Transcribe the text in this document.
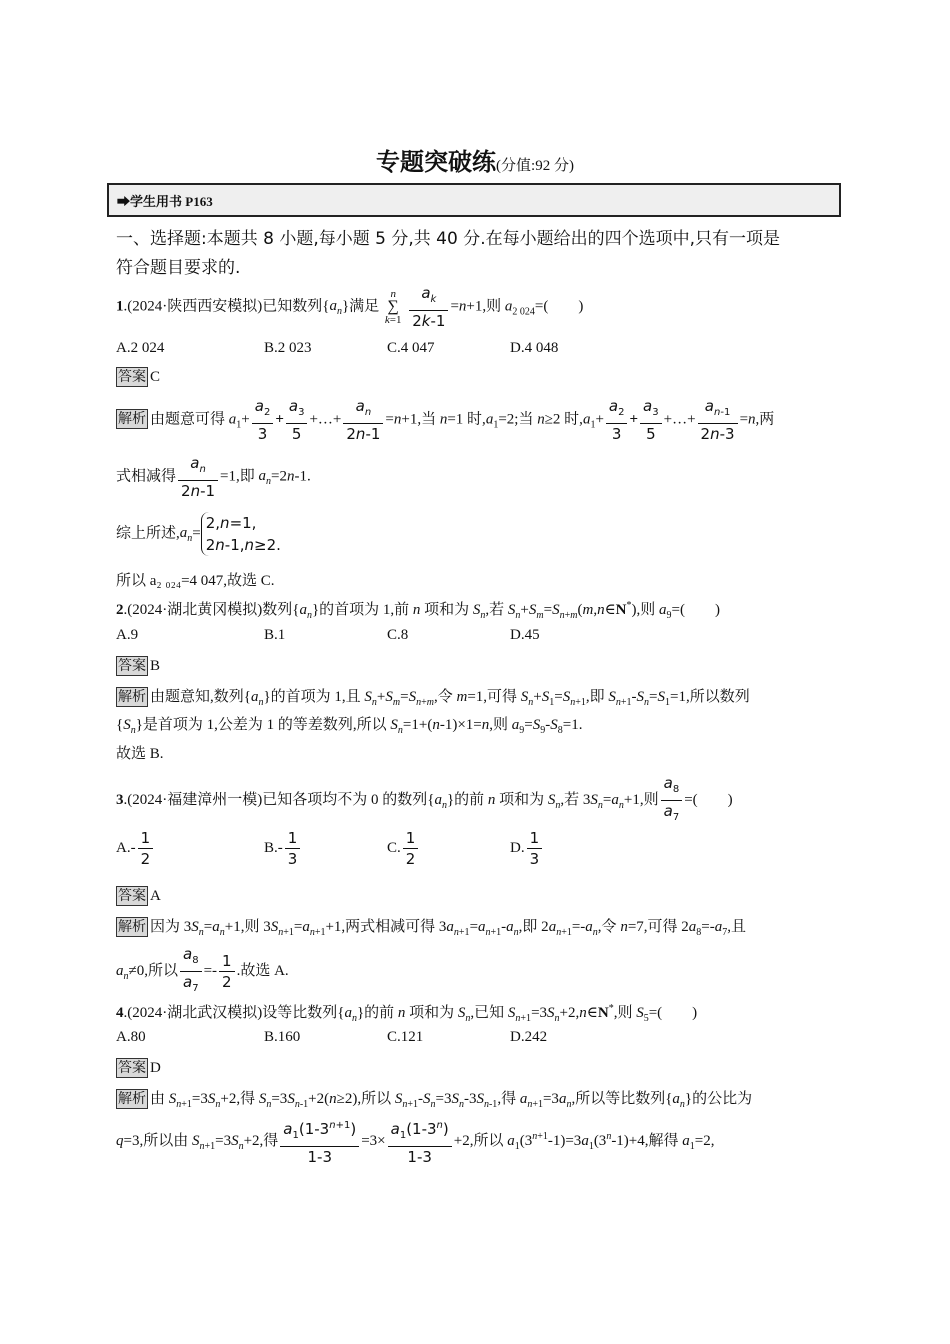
专题突破练(分值:92 分)
➡学生用书 P163
一、选择题:本题共 8 小题,每小题 5 分,共 40 分.在每小题给出的四个选项中,只有一项是
符合题目要求的.
1.(2024·陕西西安模拟)已知数列$\{a_n\}$满足
n
∑
k=1
$\frac{a_k}{2k-1} =n+1$,则 $a_{2 024}=$(        )
A.2 024	B.2 023	C.4 047	D.4 048
答案 C
解析 由题意可得 $a_1+ \frac{a_2}{3} + \frac{a_3}{5}$ +…+ $\frac{a_n}{2n-1} =n+1$,当 n=1 时$,a_1=2$;当 n≥2 时$,a_1+ \frac{a_2}{3} + \frac{a_3}{5}$ +…+ $\frac{a_{n-1}}{2n-3} =n$,两
式相减得 $\frac{a_n}{2n-1} =1$,即 $a_n=2n-1$.
综上所述$,a_n=$
2,n=1,
2n-1,n≥2.
所以 a₂ ₀₂₄=4 047,故选 C.
2.(2024·湖北黄冈模拟)数列$\{a_n\}$的首项为 1,前 n 项和为 $S_n$,若 $S_n+S_m=S_{n+m}(m,n\in N^*)$,则 $a_9=$(        )
A.9	B.1	C.8	D.45
答案 B
解析 由题意知,数列$\{a_n\}$的首项为 1,且 $S_n+S_m=S_{n+m}$,令 m=1,可得 $S_n+S_1=S_{n+1}$,即 $S_{n+1}-S_n=S_1=1$,所以数列
$\{S_n\}$是首项为 1,公差为 1 的等差数列,所以 $S_n=1+(n-1)\times 1=n$,则 $a_9=S_9-S_8=1$.
故选 B.
3.(2024·福建漳州一模)已知各项均不为 0 的数列$\{a_n\}$的前 n 项和为 $S_n$,若 $3S_n=a_n+1$,则 $\frac{a_8}{a_7}$ =(        )
$A.- \frac{1}{2}$	$B.- \frac{1}{3}$	C. $\frac{1}{2}$	D. $\frac{1}{3}$
答案 A
解析 因为 $3S_n=a_n+1$,则 $3S_{n+1}=a_{n+1}+1$,两式相减可得 $3a_{n+1}=a_{n+1}-a_n$,即 $2a_{n+1}=-a_n$,令 n=7,可得 $2a_8=-a_7$,且
$a_n\ne 0$,所以 $\frac{a_8}{a_7} =- \frac{1}{2}$ .故选 A.
4.(2024·湖北武汉模拟)设等比数列$\{a_n\}$的前 n 项和为 $S_n$,已知 $S_{n+1}=3S_n+2,n\in N^*$,则 $S_5=$(        )
A.80	B.160	C.121	D.242
答案 D
解析 由 $S_{n+1}=3S_n+2$,得 $S_n=3S_{n-1}+2(n\ge 2)$,所以 $S_{n+1}-S_n=3S_n-3S_{n-1}$,得 $a_{n+1}=3a_n$,所以等比数列$\{a_n\}$的公比为
q=3,所以由 $S_{n+1}=3S_n+2$,得 $\frac{a_1(1-3^{n+1})}{1-3} =3\times \frac{a_1(1-3^n)}{1-3} +2$,所以 $a_1(3^{n+1}-1)=3a_1(3^n-1)+4$,解得 $a_1=2$,
